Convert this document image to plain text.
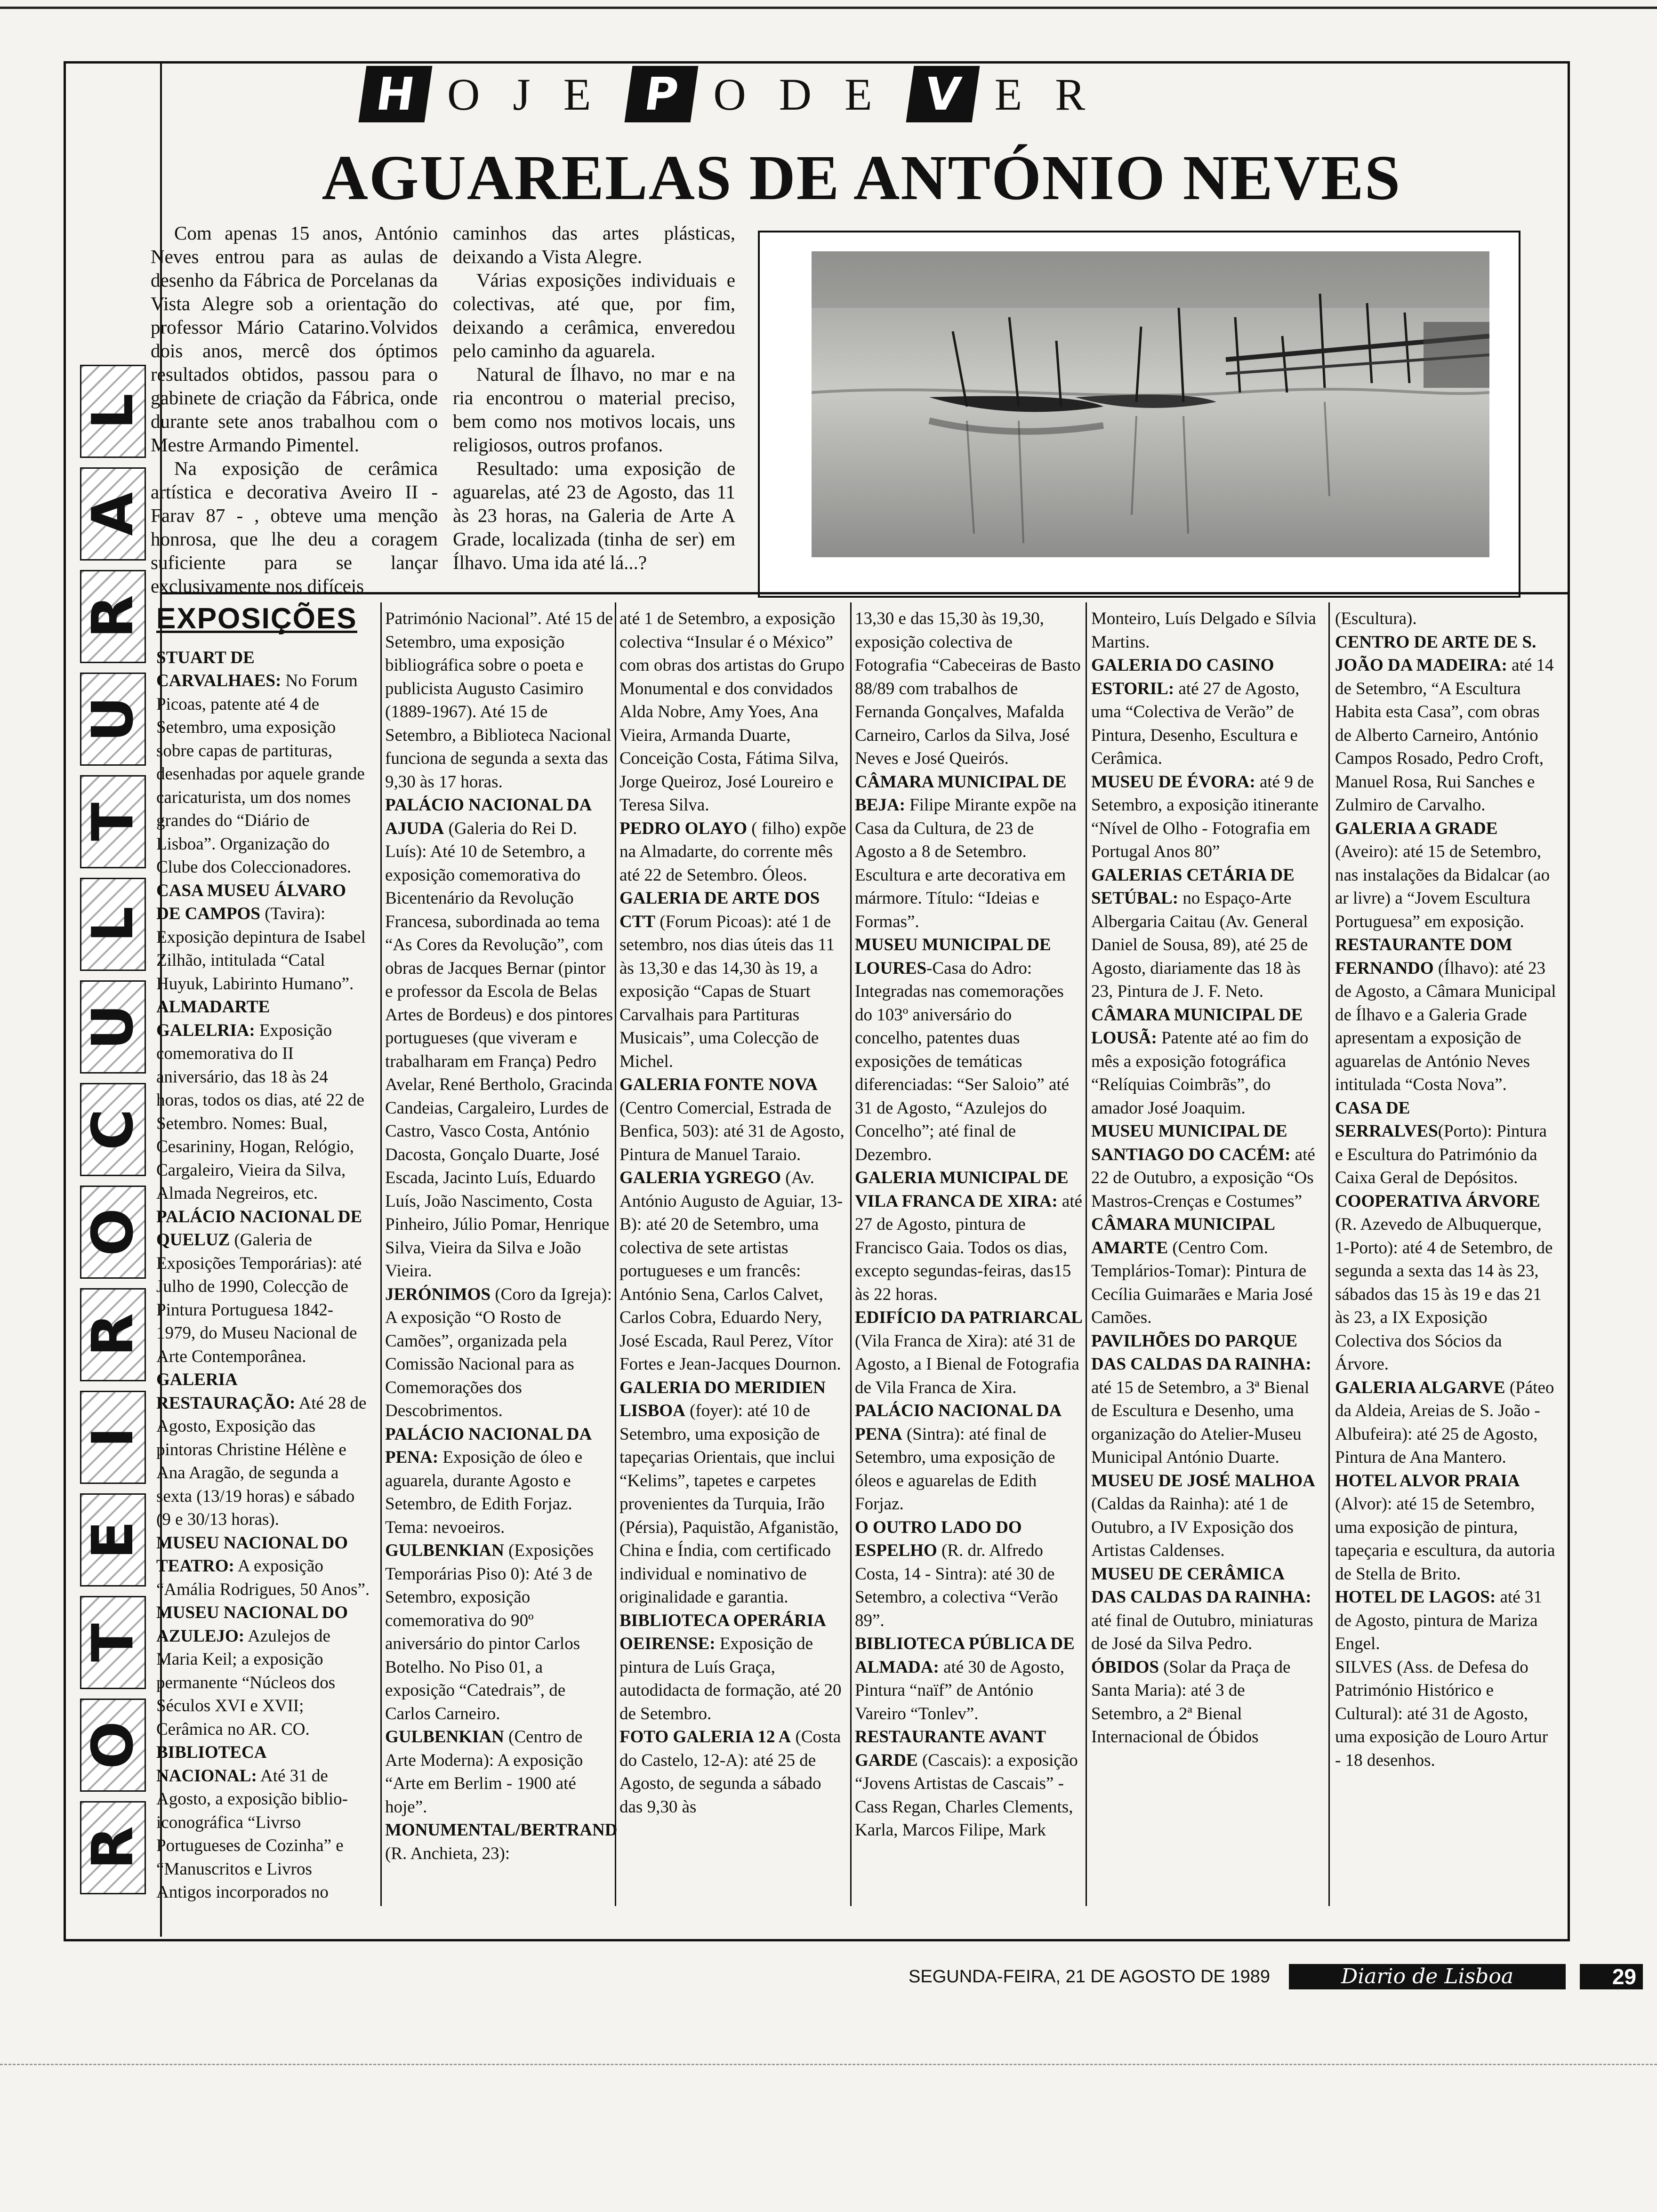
R
O
T
E
I
R
O
C
U
L
T
U
R
A
L
H OJE P ODE V ER
AGUARELAS DE ANTÓNIO NEVES

Com apenas 15 anos, António Neves entrou para as aulas de desenho da Fábrica de Porcelanas da Vista Alegre sob a orientação do professor Mário Catarino.Volvidos dois anos, mercê dos óptimos resultados obtidos, passou para o gabinete de criação da Fábrica, onde durante sete anos trabalhou com o Mestre Armando Pimentel.

Na exposição de cerâmica artística e decorativa Aveiro II - Farav 87 - , obteve uma menção honrosa, que lhe deu a coragem suficiente para se lançar exclusivamente nos difíceis

caminhos das artes plásticas, deixando a Vista Alegre.

Várias exposições individuais e colectivas, até que, por fim, deixando a cerâmica, enveredou pelo caminho da aguarela.

Natural de Ílhavo, no mar e na ria encontrou o material preciso, bem como nos motivos locais, uns religiosos, outros profanos.

Resultado: uma exposição de aguarelas, até 23 de Agosto, das 11 às 23 horas, na Galeria de Arte A Grade, localizada (tinha de ser) em Ílhavo. Uma ida até lá...?

EXPOSIÇÕES

STUART DE CARVALHAES: No Forum Picoas, patente até 4 de Setembro, uma exposição sobre capas de partituras, desenhadas por aquele grande caricaturista, um dos nomes grandes do “Diário de Lisboa”. Organização do Clube dos Coleccionadores.

CASA MUSEU ÁLVARO DE CAMPOS (Tavira): Exposição depintura de Isabel Zilhão, intitulada “Catal Huyuk, Labirinto Humano”.

ALMADARTE GALELRIA: Exposição comemorativa do II aniversário, das 18 às 24 horas, todos os dias, até 22 de Setembro. Nomes: Bual, Cesarininy, Hogan, Relógio, Cargaleiro, Vieira da Silva, Almada Negreiros, etc.

PALÁCIO NACIONAL DE QUELUZ (Galeria de Exposições Temporárias): até Julho de 1990, Colecção de Pintura Portuguesa 1842-1979, do Museu Nacional de Arte Contemporânea.

GALERIA RESTAURAÇÃO: Até 28 de Agosto, Exposição das pintoras Christine Hélène e Ana Aragão, de segunda a sexta (13/19 horas) e sábado (9 e 30/13 horas).

MUSEU NACIONAL DO TEATRO: A exposição “Amália Rodrigues, 50 Anos”.

MUSEU NACIONAL DO AZULEJO: Azulejos de Maria Keil; a exposição permanente “Núcleos dos Séculos XVI e XVII; Cerâmica no AR. CO.

BIBLIOTECA NACIONAL: Até 31 de Agosto, a exposição biblio-iconográfica “Livrso Portugueses de Cozinha” e “Manuscritos e Livros Antigos incorporados no

Património Nacional”. Até 15 de Setembro, uma exposição bibliográfica sobre o poeta e publicista Augusto Casimiro (1889-1967). Até 15 de Setembro, a Biblioteca Nacional funciona de segunda a sexta das 9,30 às 17 horas.

PALÁCIO NACIONAL DA AJUDA (Galeria do Rei D. Luís): Até 10 de Setembro, a exposição comemorativa do Bicentenário da Revolução Francesa, subordinada ao tema “As Cores da Revolução”, com obras de Jacques Bernar (pintor e professor da Escola de Belas Artes de Bordeus) e dos pintores portugueses (que viveram e trabalharam em França) Pedro Avelar, René Bertholo, Gracinda Candeias, Cargaleiro, Lurdes de Castro, Vasco Costa, António Dacosta, Gonçalo Duarte, José Escada, Jacinto Luís, Eduardo Luís, João Nascimento, Costa Pinheiro, Júlio Pomar, Henrique Silva, Vieira da Silva e João Vieira.

JERÓNIMOS (Coro da Igreja): A exposição “O Rosto de Camões”, organizada pela Comissão Nacional para as Comemorações dos Descobrimentos.

PALÁCIO NACIONAL DA PENA: Exposição de óleo e aguarela, durante Agosto e Setembro, de Edith Forjaz. Tema: nevoeiros.

GULBENKIAN (Exposições Temporárias Piso 0): Até 3 de Setembro, exposição comemorativa do 90º aniversário do pintor Carlos Botelho. No Piso 01, a exposição “Catedrais”, de Carlos Carneiro.

GULBENKIAN (Centro de Arte Moderna): A exposição “Arte em Berlim - 1900 até hoje”.

MONUMENTAL/BERTRAND (R. Anchieta, 23):

até 1 de Setembro, a exposição colectiva “Insular é o México” com obras dos artistas do Grupo Monumental e dos convidados Alda Nobre, Amy Yoes, Ana Vieira, Armanda Duarte, Conceição Costa, Fátima Silva, Jorge Queiroz, José Loureiro e Teresa Silva.

PEDRO OLAYO ( filho) expõe na Almadarte, do corrente mês até 22 de Setembro. Óleos.

GALERIA DE ARTE DOS CTT (Forum Picoas): até 1 de setembro, nos dias úteis das 11 às 13,30 e das 14,30 às 19, a exposição “Capas de Stuart Carvalhais para Partituras Musicais”, uma Colecção de Michel.

GALERIA FONTE NOVA (Centro Comercial, Estrada de Benfica, 503): até 31 de Agosto, Pintura de Manuel Taraio.

GALERIA YGREGO (Av. António Augusto de Aguiar, 13-B): até 20 de Setembro, uma colectiva de sete artistas portugueses e um francês: António Sena, Carlos Calvet, Carlos Cobra, Eduardo Nery, José Escada, Raul Perez, Vítor Fortes e Jean-Jacques Dournon.

GALERIA DO MERIDIEN LISBOA (foyer): até 10 de Setembro, uma exposição de tapeçarias Orientais, que inclui “Kelims”, tapetes e carpetes provenientes da Turquia, Irão (Pérsia), Paquistão, Afganistão, China e Índia, com certificado individual e nominativo de originalidade e garantia.

BIBLIOTECA OPERÁRIA OEIRENSE: Exposição de pintura de Luís Graça, autodidacta de formação, até 20 de Setembro.

FOTO GALERIA 12 A (Costa do Castelo, 12-A): até 25 de Agosto, de segunda a sábado das 9,30 às

13,30 e das 15,30 às 19,30, exposição colectiva de Fotografia “Cabeceiras de Basto 88/89 com trabalhos de Fernanda Gonçalves, Mafalda Carneiro, Carlos da Silva, José Neves e José Queirós.

CÂMARA MUNICIPAL DE BEJA: Filipe Mirante expõe na Casa da Cultura, de 23 de Agosto a 8 de Setembro. Escultura e arte decorativa em mármore. Título: “Ideias e Formas”.

MUSEU MUNICIPAL DE LOURES-Casa do Adro: Integradas nas comemorações do 103º aniversário do concelho, patentes duas exposições de temáticas diferenciadas: “Ser Saloio” até 31 de Agosto, “Azulejos do Concelho”; até final de Dezembro.

GALERIA MUNICIPAL DE VILA FRANCA DE XIRA: até 27 de Agosto, pintura de Francisco Gaia. Todos os dias, excepto segundas-feiras, das15 às 22 horas.

EDIFÍCIO DA PATRIARCAL (Vila Franca de Xira): até 31 de Agosto, a I Bienal de Fotografia de Vila Franca de Xira.

PALÁCIO NACIONAL DA PENA (Sintra): até final de Setembro, uma exposição de óleos e aguarelas de Edith Forjaz.

O OUTRO LADO DO ESPELHO (R. dr. Alfredo Costa, 14 - Sintra): até 30 de Setembro, a colectiva “Verão 89”.

BIBLIOTECA PÚBLICA DE ALMADA: até 30 de Agosto, Pintura “naïf” de António Vareiro “Tonlev”.

RESTAURANTE AVANT GARDE (Cascais): a exposição “Jovens Artistas de Cascais” - Cass Regan, Charles Clements, Karla, Marcos Filipe, Mark

Monteiro, Luís Delgado e Sílvia Martins.

GALERIA DO CASINO ESTORIL: até 27 de Agosto, uma “Colectiva de Verão” de Pintura, Desenho, Escultura e Cerâmica.

MUSEU DE ÉVORA: até 9 de Setembro, a exposição itinerante “Nível de Olho - Fotografia em Portugal Anos 80”

GALERIAS CETÁRIA DE SETÚBAL: no Espaço-Arte Albergaria Caitau (Av. General Daniel de Sousa, 89), até 25 de Agosto, diariamente das 18 às 23, Pintura de J. F. Neto.

CÂMARA MUNICIPAL DE LOUSÃ: Patente até ao fim do mês a exposição fotográfica “Relíquias Coimbrãs”, do amador José Joaquim.

MUSEU MUNICIPAL DE SANTIAGO DO CACÉM: até 22 de Outubro, a exposição “Os Mastros-Crenças e Costumes”

CÂMARA MUNICIPAL AMARTE (Centro Com. Templários-Tomar): Pintura de Cecília Guimarães e Maria José Camões.

PAVILHÕES DO PARQUE DAS CALDAS DA RAINHA: até 15 de Setembro, a 3ª Bienal de Escultura e Desenho, uma organização do Atelier-Museu Municipal António Duarte.

MUSEU DE JOSÉ MALHOA (Caldas da Rainha): até 1 de Outubro, a IV Exposição dos Artistas Caldenses.

MUSEU DE CERÂMICA DAS CALDAS DA RAINHA: até final de Outubro, miniaturas de José da Silva Pedro.

ÓBIDOS (Solar da Praça de Santa Maria): até 3 de Setembro, a 2ª Bienal Internacional de Óbidos

(Escultura).

CENTRO DE ARTE DE S. JOÃO DA MADEIRA: até 14 de Setembro, “A Escultura Habita esta Casa”, com obras de Alberto Carneiro, António Campos Rosado, Pedro Croft, Manuel Rosa, Rui Sanches e Zulmiro de Carvalho.

GALERIA A GRADE (Aveiro): até 15 de Setembro, nas instalações da Bidalcar (ao ar livre) a “Jovem Escultura Portuguesa” em exposição.

RESTAURANTE DOM FERNANDO (Ílhavo): até 23 de Agosto, a Câmara Municipal de Ílhavo e a Galeria Grade apresentam a exposição de aguarelas de António Neves intitulada “Costa Nova”.

CASA DE SERRALVES(Porto): Pintura e Escultura do Património da Caixa Geral de Depósitos.

COOPERATIVA ÁRVORE (R. Azevedo de Albuquerque, 1-Porto): até 4 de Setembro, de segunda a sexta das 14 às 23, sábados das 15 às 19 e das 21 às 23, a IX Exposição Colectiva dos Sócios da Árvore.

GALERIA ALGARVE (Páteo da Aldeia, Areias de S. João - Albufeira): até 25 de Agosto, Pintura de Ana Mantero.

HOTEL ALVOR PRAIA (Alvor): até 15 de Setembro, uma exposição de pintura, tapeçaria e escultura, da autoria de Stella de Brito.

HOTEL DE LAGOS: até 31 de Agosto, pintura de Mariza Engel.

SILVES (Ass. de Defesa do Património Histórico e Cultural): até 31 de Agosto, uma exposição de Louro Artur - 18 desenhos.

SEGUNDA-FEIRA, 21 DE AGOSTO DE 1989	Diario de Lisboa	29
